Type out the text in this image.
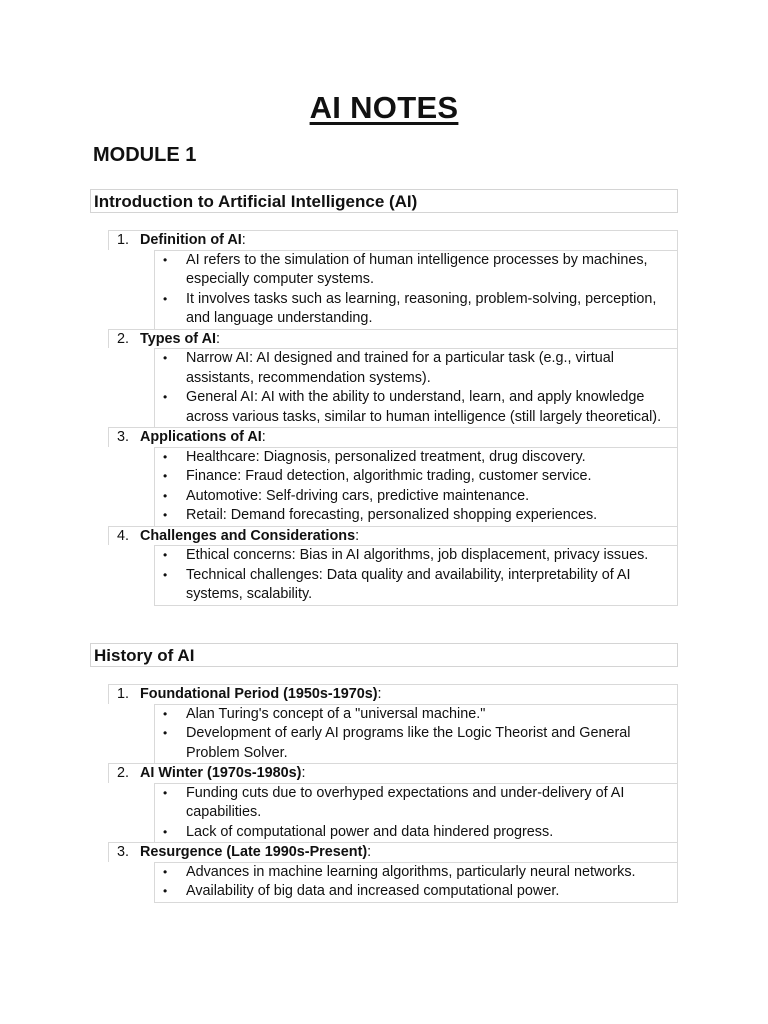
AI NOTES
MODULE 1
Introduction to Artificial Intelligence (AI)
1. Definition of AI:
• AI refers to the simulation of human intelligence processes by machines, especially computer systems.
• It involves tasks such as learning, reasoning, problem-solving, perception, and language understanding.
2. Types of AI:
• Narrow AI: AI designed and trained for a particular task (e.g., virtual assistants, recommendation systems).
• General AI: AI with the ability to understand, learn, and apply knowledge across various tasks, similar to human intelligence (still largely theoretical).
3. Applications of AI:
• Healthcare: Diagnosis, personalized treatment, drug discovery.
• Finance: Fraud detection, algorithmic trading, customer service.
• Automotive: Self-driving cars, predictive maintenance.
• Retail: Demand forecasting, personalized shopping experiences.
4. Challenges and Considerations:
• Ethical concerns: Bias in AI algorithms, job displacement, privacy issues.
• Technical challenges: Data quality and availability, interpretability of AI systems, scalability.
History of AI
1. Foundational Period (1950s-1970s):
• Alan Turing's concept of a "universal machine."
• Development of early AI programs like the Logic Theorist and General Problem Solver.
2. AI Winter (1970s-1980s):
• Funding cuts due to overhyped expectations and under-delivery of AI capabilities.
• Lack of computational power and data hindered progress.
3. Resurgence (Late 1990s-Present):
• Advances in machine learning algorithms, particularly neural networks.
• Availability of big data and increased computational power.
